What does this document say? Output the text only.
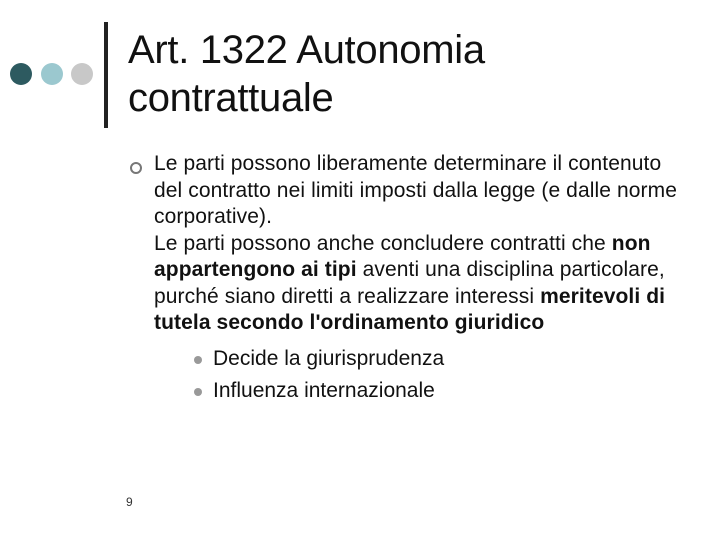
Art. 1322 Autonomia
contrattuale

Le parti possono liberamente determinare il contenuto del contratto nei limiti imposti dalla legge (e dalle norme corporative).

Le parti possono anche concludere contratti che non appartengono ai tipi aventi una disciplina particolare, purché siano diretti a realizzare interessi meritevoli di tutela secondo l'ordinamento giuridico

Decide la giurisprudenza
Influenza internazionale
9
